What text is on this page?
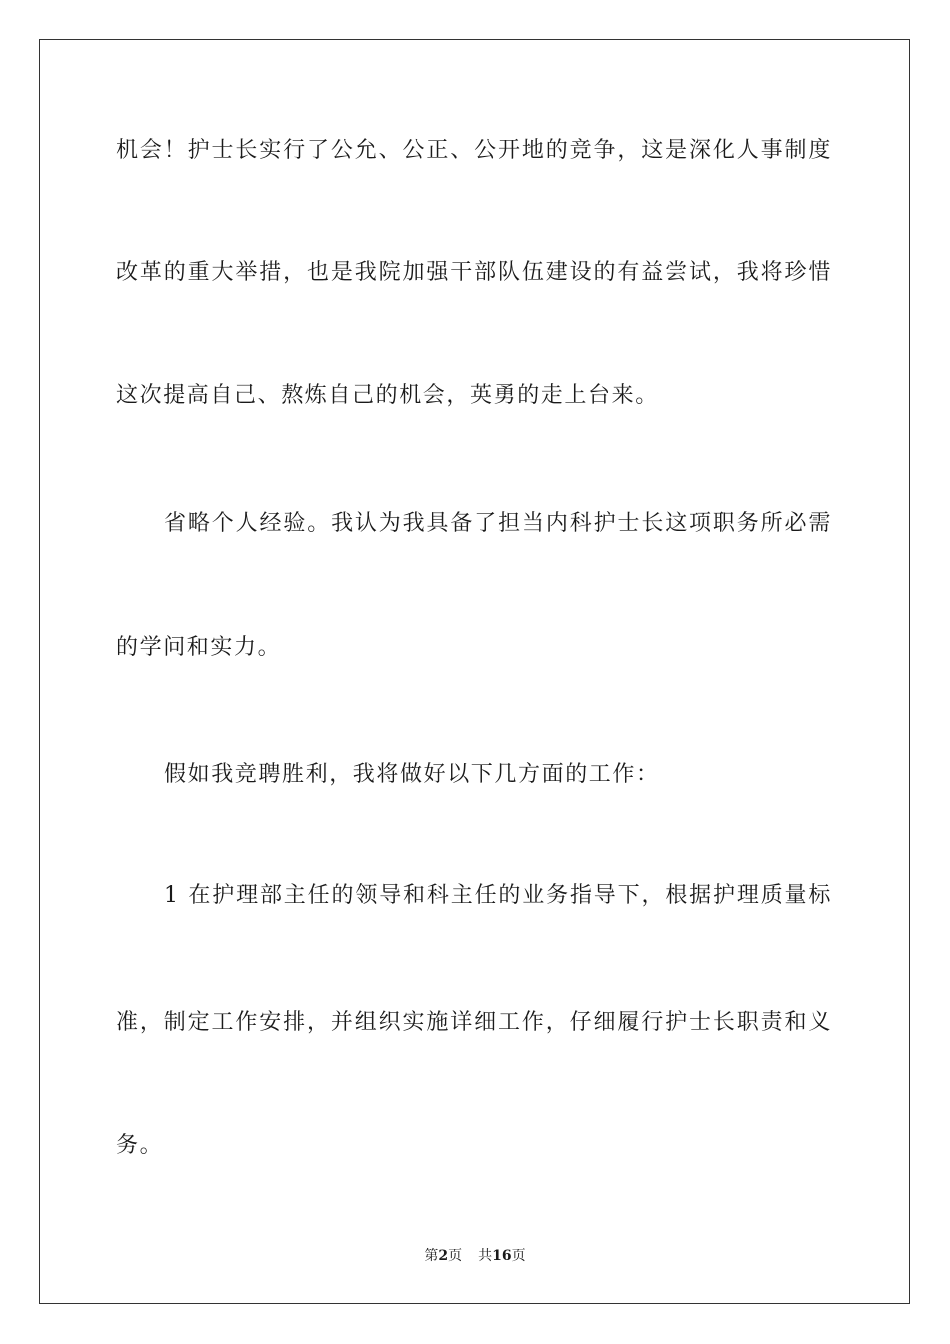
机会！护士长实行了公允、公正、公开地的竞争，这是深化人事制度
改革的重大举措，也是我院加强干部队伍建设的有益尝试，我将珍惜
这次提高自己、熬炼自己的机会，英勇的走上台来。
省略个人经验。我认为我具备了担当内科护士长这项职务所必需
的学问和实力。
假如我竞聘胜利，我将做好以下几方面的工作：
1 在护理部主任的领导和科主任的业务指导下，根据护理质量标
准，制定工作安排，并组织实施详细工作，仔细履行护士长职责和义
务。
第2页 共16页
